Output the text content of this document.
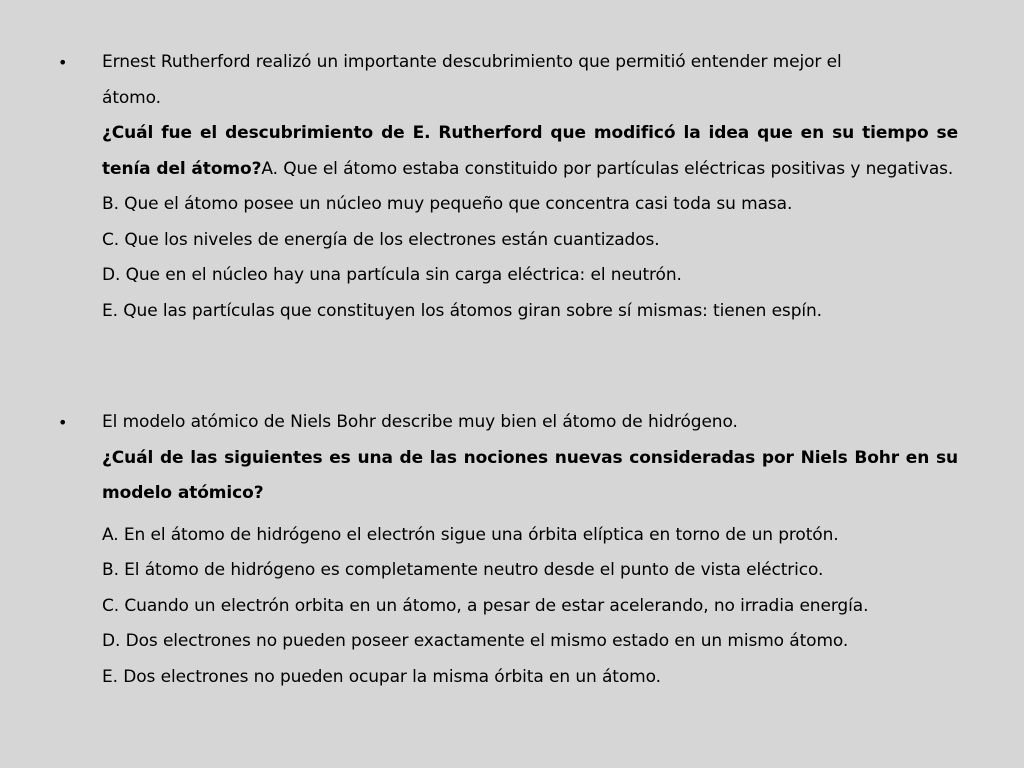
•	Ernest Rutherford realizó un importante descubrimiento que permitió entender mejor el
átomo.
¿Cuál fue el descubrimiento de E. Rutherford que modificó la idea que en su tiempo se tenía del átomo?A. Que el átomo estaba constituido por partículas eléctricas positivas y negativas.
B. Que el átomo posee un núcleo muy pequeño que concentra casi toda su masa.
C. Que los niveles de energía de los electrones están cuantizados.
D. Que en el núcleo hay una partícula sin carga eléctrica: el neutrón.
E. Que las partículas que constituyen los átomos giran sobre sí mismas: tienen espín.
•	El modelo atómico de Niels Bohr describe muy bien el átomo de hidrógeno.
¿Cuál de las siguientes es una de las nociones nuevas consideradas por Niels Bohr en su modelo atómico?
A. En el átomo de hidrógeno el electrón sigue una órbita elíptica en torno de un protón.
B. El átomo de hidrógeno es completamente neutro desde el punto de vista eléctrico.
C. Cuando un electrón orbita en un átomo, a pesar de estar acelerando, no irradia energía.
D. Dos electrones no pueden poseer exactamente el mismo estado en un mismo átomo.
E. Dos electrones no pueden ocupar la misma órbita en un átomo.
